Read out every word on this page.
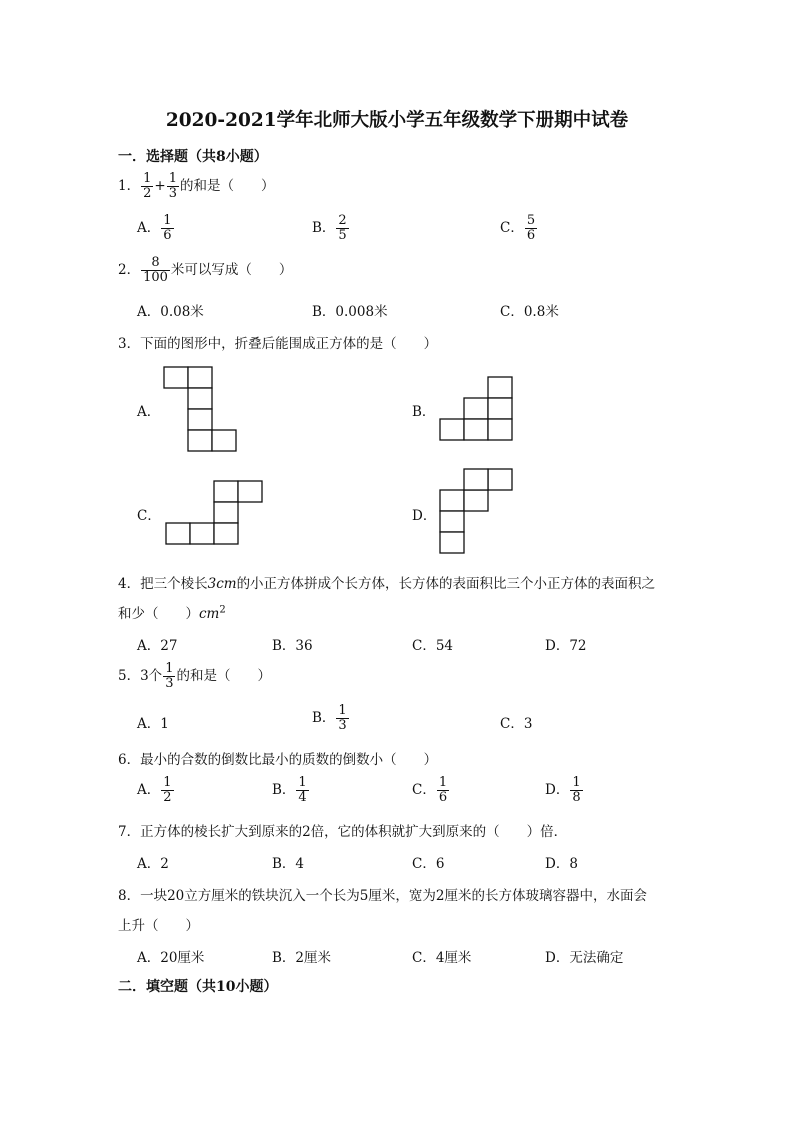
2020-2021学年北师大版小学五年级数学下册期中试卷
一．选择题（共8小题）
1． $\frac{1}{2} + \frac{1}{3}$ 的和是（　　）
A． $\frac{1}{6}$	B． $\frac{2}{5}$	C． $\frac{5}{6}$
2． $\frac{8}{100}$ 米可以写成（　　）
A．0.08米	B．0.008米	C．0.8米
3．下面的图形中，折叠后能围成正方体的是（　　）
A．	B．
C．	D．
4．把三个棱长3cm的小正方体拼成个长方体，长方体的表面积比三个小正方体的表面积之
和少（　　）$cm^2$
A．27	B．36	C．54	D．72
5．3个 $\frac{1}{3}$ 的和是（　　）
A．1	B． $\frac{1}{3}$	C．3
6．最小的合数的倒数比最小的质数的倒数小（　　）
A． $\frac{1}{2}$	B． $\frac{1}{4}$	C． $\frac{1}{6}$	D． $\frac{1}{8}$
7．正方体的棱长扩大到原来的2倍，它的体积就扩大到原来的（　　）倍．
A．2	B．4	C．6	D．8
8．一块20立方厘米的铁块沉入一个长为5厘米，宽为2厘米的长方体玻璃容器中，水面会
上升（　　）
A．20厘米	B．2厘米	C．4厘米	D．无法确定
二．填空题（共10小题）
